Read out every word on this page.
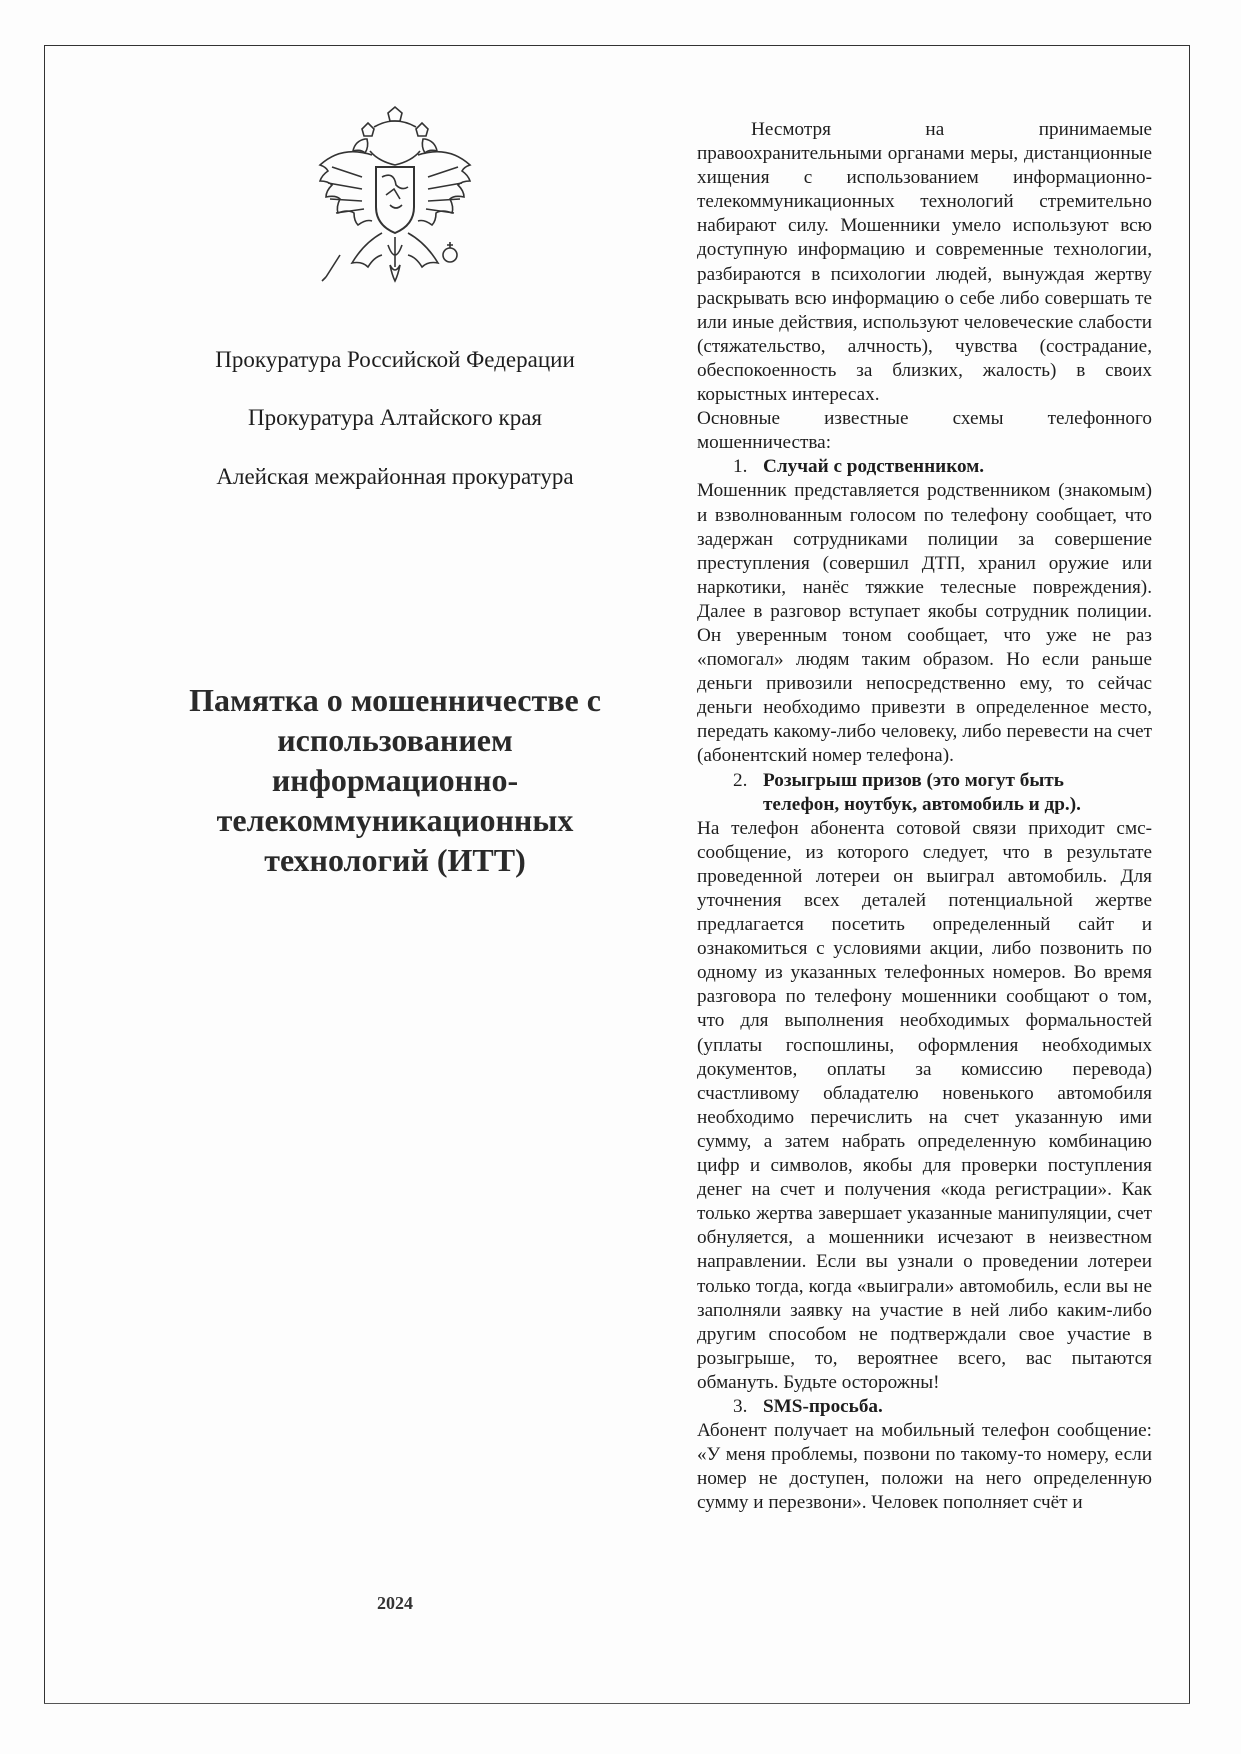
Прокуратура Российской Федерации

Прокуратура Алтайского края

Алейская межрайонная прокуратура

Памятка о мошенничестве с
использованием
информационно-
телекоммуникационных
технологий (ИТТ)
2024

Несмотря на принимаемые правоохранительными органами меры, дистанционные хищения с использованием информационно-телекоммуникационных технологий стремительно набирают силу. Мошенники умело используют всю доступную информацию и современные технологии, разбираются в психологии людей, вынуждая жертву раскрывать всю информацию о себе либо совершать те или иные действия, используют человеческие слабости (стяжательство, алчность), чувства (сострадание, обеспокоенность за близких, жалость) в своих корыстных интересах.

Основные известные схемы телефонного мошенничества:

1. Случай с родственником.

Мошенник представляется родственником (знакомым) и взволнованным голосом по телефону сообщает, что задержан сотрудниками полиции за совершение преступления (совершил ДТП, хранил оружие или наркотики, нанёс тяжкие телесные повреждения). Далее в разговор вступает якобы сотрудник полиции. Он уверенным тоном сообщает, что уже не раз «помогал» людям таким образом. Но если раньше деньги привозили непосредственно ему, то сейчас деньги необходимо привезти в определенное место, передать какому-либо человеку, либо перевести на счет (абонентский номер телефона).

2. Розыгрыш призов (это могут быть
телефон, ноутбук, автомобиль и др.).

На телефон абонента сотовой связи приходит смс-сообщение, из которого следует, что в результате проведенной лотереи он выиграл автомобиль. Для уточнения всех деталей потенциальной жертве предлагается посетить определенный сайт и ознакомиться с условиями акции, либо позвонить по одному из указанных телефонных номеров. Во время разговора по телефону мошенники сообщают о том, что для выполнения необходимых формальностей (уплаты госпошлины, оформления необходимых документов, оплаты за комиссию перевода) счастливому обладателю новенького автомобиля необходимо перечислить на счет указанную ими сумму, а затем набрать определенную комбинацию цифр и символов, якобы для проверки поступления денег на счет и получения «кода регистрации». Как только жертва завершает указанные манипуляции, счет обнуляется, а мошенники исчезают в неизвестном направлении. Если вы узнали о проведении лотереи только тогда, когда «выиграли» автомобиль, если вы не заполняли заявку на участие в ней либо каким-либо другим способом не подтверждали свое участие в розыгрыше, то, вероятнее всего, вас пытаются обмануть. Будьте осторожны!

3. SMS-просьба.

Абонент получает на мобильный телефон сообщение: «У меня проблемы, позвони по такому-то номеру, если номер не доступен, положи на него определенную сумму и перезвони». Человек пополняет счёт и
